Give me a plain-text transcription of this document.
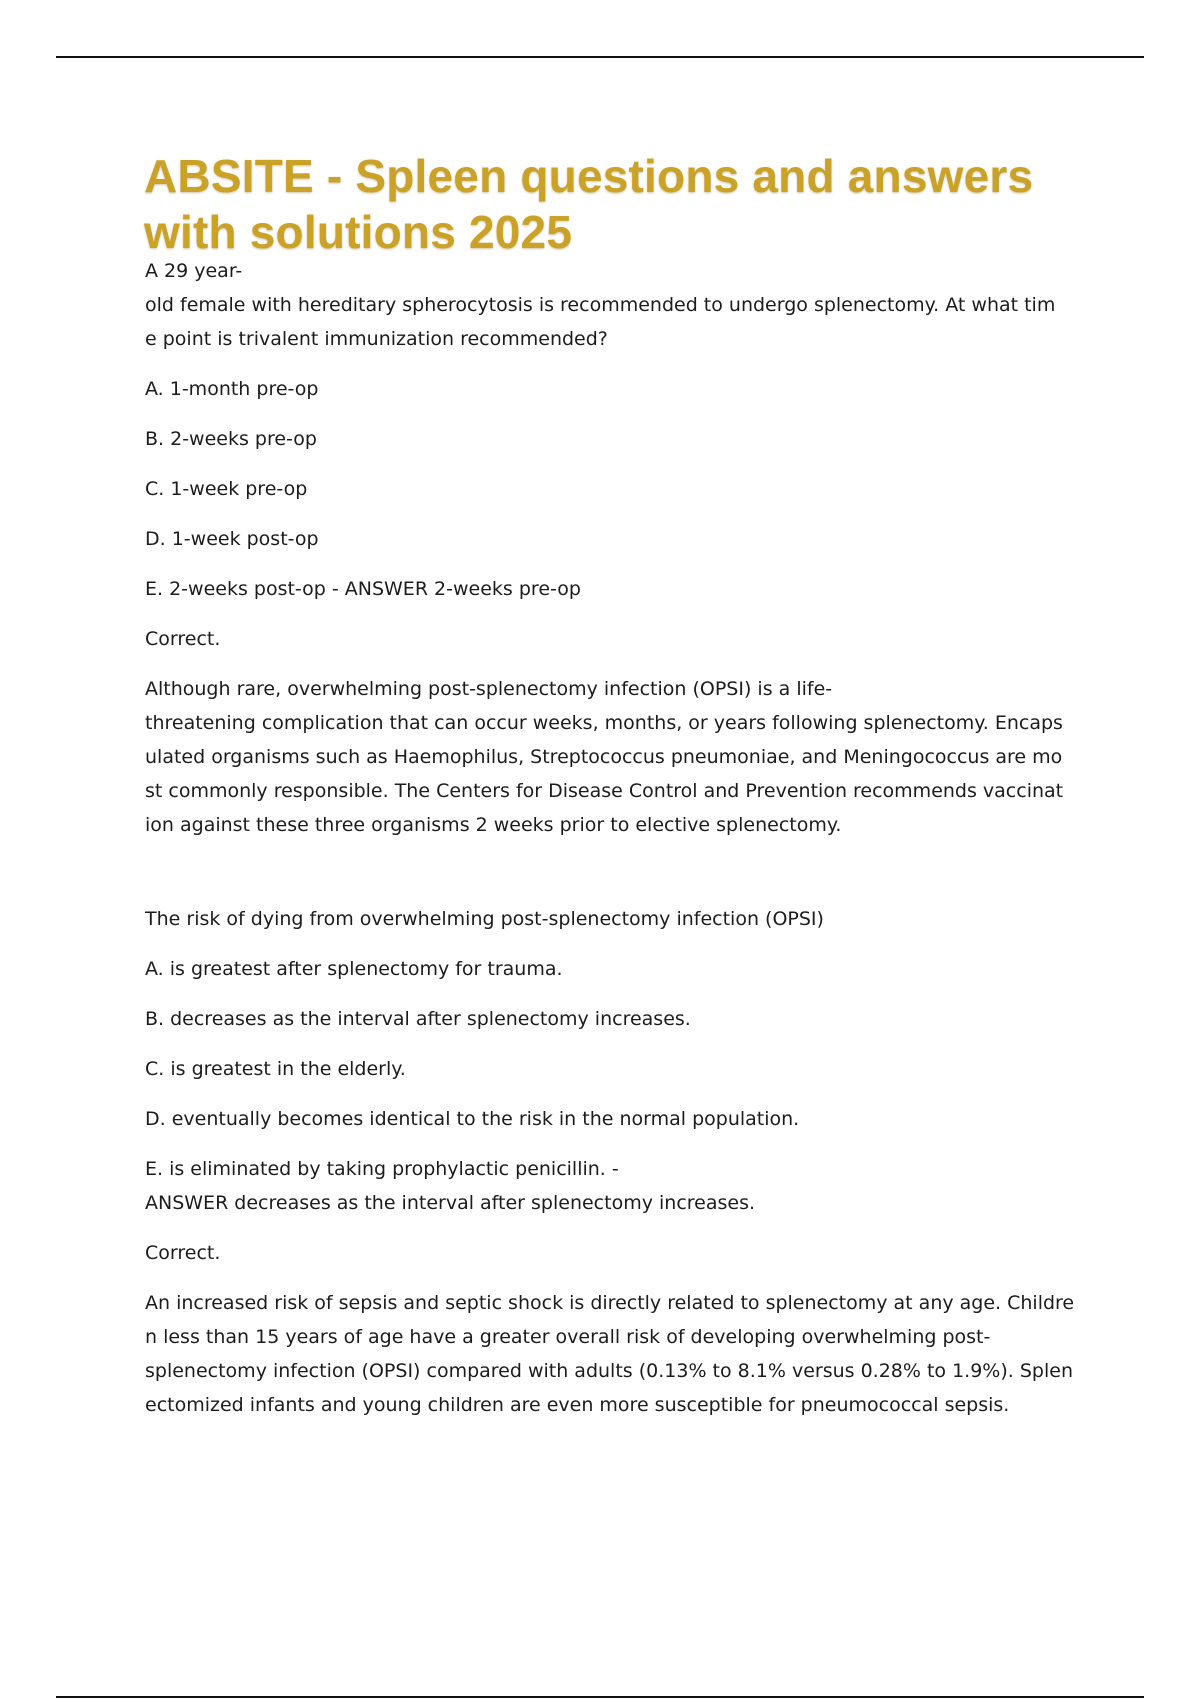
ABSITE - Spleen questions and answers with solutions 2025

A 29 year-
old female with hereditary spherocytosis is recommended to undergo splenectomy. At what tim
e point is trivalent immunization recommended?

A. 1-month pre-op

B. 2-weeks pre-op

C. 1-week pre-op

D. 1-week post-op

E. 2-weeks post-op - ANSWER 2-weeks pre-op

Correct.

Although rare, overwhelming post-splenectomy infection (OPSI) is a life-
threatening complication that can occur weeks, months, or years following splenectomy. Encaps
ulated organisms such as Haemophilus, Streptococcus pneumoniae, and Meningococcus are mo
st commonly responsible. The Centers for Disease Control and Prevention recommends vaccinat
ion against these three organisms 2 weeks prior to elective splenectomy.

The risk of dying from overwhelming post-splenectomy infection (OPSI)

A. is greatest after splenectomy for trauma.

B. decreases as the interval after splenectomy increases.

C. is greatest in the elderly.

D. eventually becomes identical to the risk in the normal population.

E. is eliminated by taking prophylactic penicillin. -
ANSWER decreases as the interval after splenectomy increases.

Correct.

An increased risk of sepsis and septic shock is directly related to splenectomy at any age. Childre
n less than 15 years of age have a greater overall risk of developing overwhelming post-
splenectomy infection (OPSI) compared with adults (0.13% to 8.1% versus 0.28% to 1.9%). Splen
ectomized infants and young children are even more susceptible for pneumococcal sepsis.
